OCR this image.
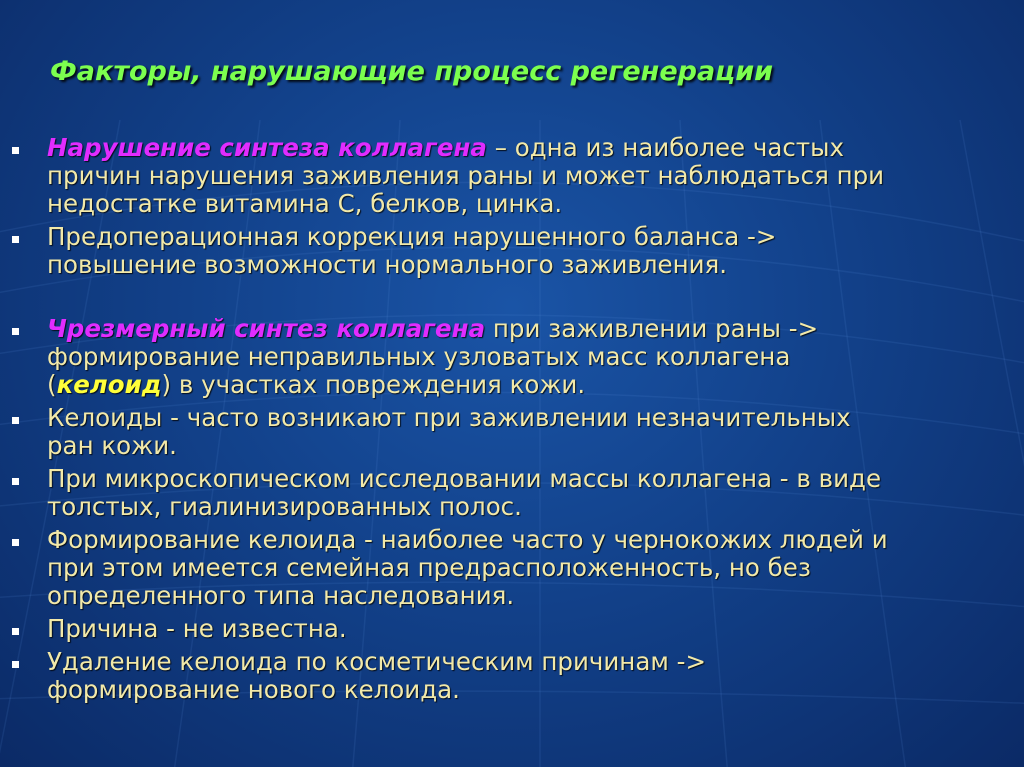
Факторы, нарушающие процесс регенерации
Нарушение синтеза коллагена – одна из наиболее частых
причин нарушения заживления раны и может наблюдаться при
недостатке витамина С, белков, цинка.
Предоперационная коррекция нарушенного баланса ->
повышение возможности нормального заживления.
Чрезмерный синтез коллагена при заживлении раны ->
формирование неправильных узловатых масс коллагена
(келоид) в участках повреждения кожи.
Келоиды - часто возникают при заживлении незначительных
ран кожи.
При микроскопическом исследовании массы коллагена - в виде
толстых, гиалинизированных полос.
Формирование келоида - наиболее часто у чернокожих людей и
при этом имеется семейная предрасположенность, но без
определенного типа наследования.
Причина - не известна.
Удаление келоида по косметическим причинам ->
формирование нового келоида.
